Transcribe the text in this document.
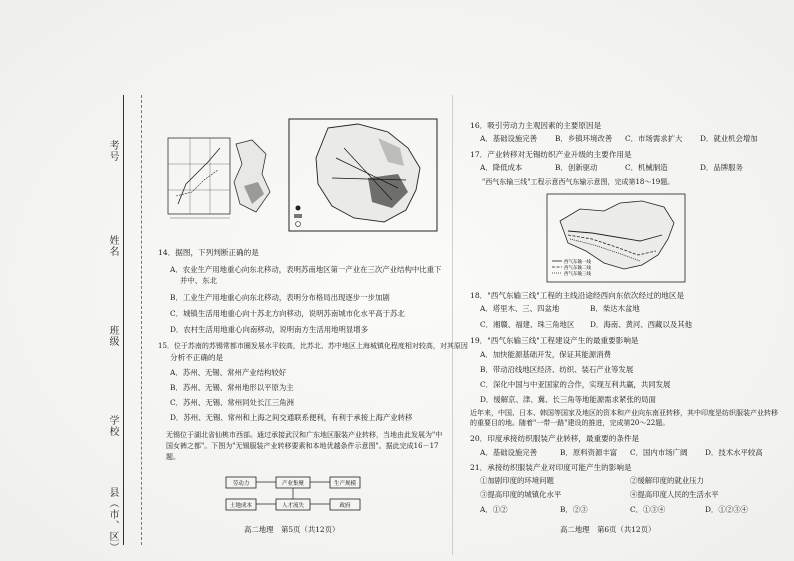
考号
姓名
班级
学校
县（市、区）
14．据图，下列判断正确的是
A．农业生产用地重心向东北移动，表明苏南地区第一产业在三次产业结构中比重下
并中、东北
B．工业生产用地重心向东北移动，表明分布格局出现逐步一步加剧
C．城镇生活用地重心向十苏北方向移动，说明苏南城市化水平高于苏北
D．农村生活用地重心向南移动，说明南方生活用地明显增多
15．位于苏南的苏锡常都市圈发展水平较高，比苏北、苏中地区上海城镇化程度相对较高，对其原因
分析不正确的是
A．苏州、无锡、常州产业结构较好
B．苏州、无锡、常州地形以平原为主
C．苏州、无锡、常州同处长江三角洲
D．苏州、无锡、常州和上海之间交通联系便利，有利于承接上海产业转移
无锡位于湖北省仙桃市西部。通过承接武汉和广东地区服装产业转移，当地由此发展为"中国女裤之都"。下图为"无锡服装产业转移要素和本地优越条件示意图"。据此完成16－17题。
劳动力
土地成本
产业集聚
人才流失
生产规模
政府
高二地理　第5页（共12页）
16．吸引劳动力主观因素的主要原因是
A．基础设施完善 B．乡镇环境改善 C．市场需求扩大 D．就业机会增加
17．产业转移对无锡纺织产业升级的主要作用是
A．降低成本	B．创新驱动	C．机械制造	D．品牌服务
"西气东输三线"工程示意西气东输示意图，完成第18～19题。
西气东输一线
西气东输二线
西气东输三线
18．"西气东输三线"工程的主线沿途经西向东依次经过的地区是
A．塔里木、三、四盆地	B．柴达木盆地
C．湘赣、福建、珠三角地区 D．海南、黄河、西藏以及其他
19．"西气东输三线"工程建设产生的最重要影响是
A．加快能源基础开发，保证其能源消费
B．带动沿线地区经济、纺织、装石产业等发展
C．深化中国与中亚国家的合作，实现互利共赢，共同发展
D．缓解京、津、冀、长三角等地能源需求紧张的局面
近年来，中国、日本、韩国等国家及地区的资本和产业向东南亚转移，其中印度是纺织服装产业转移的重要目的地。随着"一带一路"建设的推进，完成第20～22题。
20．印度承接纺织服装产业转移，最重要的条件是
A．基础设施完善	B．原料资源丰富 C．国内市场广阔 D．技术水平较高
21．承接纺织服装产业对印度可能产生的影响是
①加剧印度的环境问题	②缓解印度的就业压力
③提高印度的城镇化水平	④提高印度人民的生活水平
A．①②	B．②③	C．①③④	D．①②③④
高二地理　第6页（共12页）
